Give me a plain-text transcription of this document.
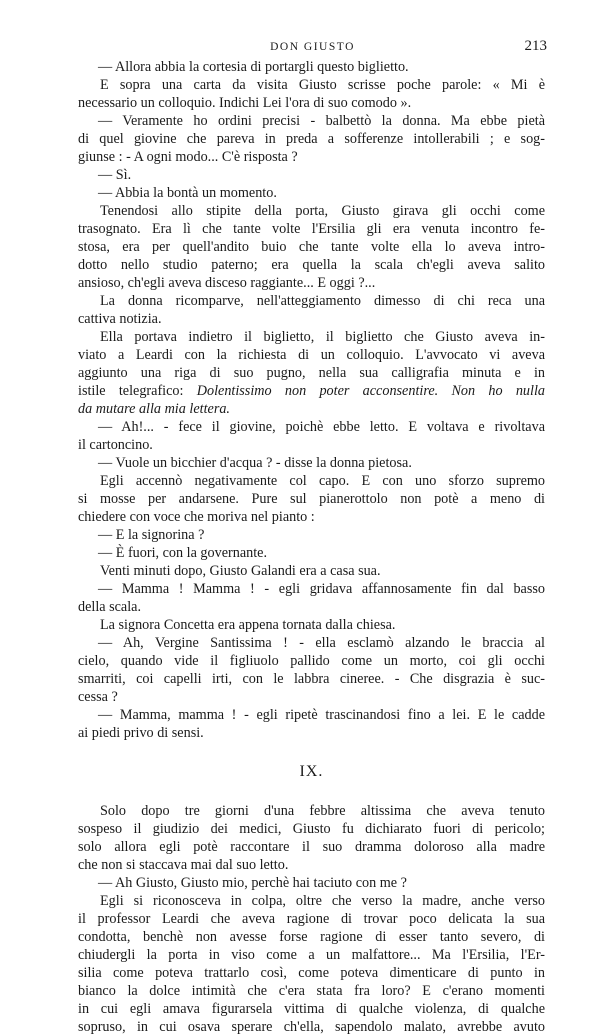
DON GIUSTO	213
— Allora abbia la cortesia di portargli questo biglietto.
E sopra una carta da visita Giusto scrisse poche parole: « Mi è
necessario un colloquio. Indichi Lei l'ora di suo comodo ».
— Veramente ho ordini precisi - balbettò la donna. Ma ebbe pietà
di quel giovine che pareva in preda a sofferenze intollerabili ; e sog-
giunse : - A ogni modo... C'è risposta ?
— Sì.
— Abbia la bontà un momento.
Tenendosi allo stipite della porta, Giusto girava gli occhi come
trasognato. Era lì che tante volte l'Ersilia gli era venuta incontro fe-
stosa, era per quell'andito buio che tante volte ella lo aveva intro-
dotto nello studio paterno; era quella la scala ch'egli aveva salito
ansioso, ch'egli aveva disceso raggiante... E oggi ?...
La donna ricomparve, nell'atteggiamento dimesso di chi reca una
cattiva notizia.
Ella portava indietro il biglietto, il biglietto che Giusto aveva in-
viato a Leardi con la richiesta di un colloquio. L'avvocato vi aveva
aggiunto una riga di suo pugno, nella sua calligrafia minuta e in
istile telegrafico: Dolentissimo non poter acconsentire. Non ho nulla
da mutare alla mia lettera.
— Ah!... - fece il giovine, poichè ebbe letto. E voltava e rivoltava
il cartoncino.
— Vuole un bicchier d'acqua ? - disse la donna pietosa.
Egli accennò negativamente col capo. E con uno sforzo supremo
si mosse per andarsene. Pure sul pianerottolo non potè a meno di
chiedere con voce che moriva nel pianto :
— E la signorina ?
— È fuori, con la governante.
Venti minuti dopo, Giusto Galandi era a casa sua.
— Mamma ! Mamma ! - egli gridava affannosamente fin dal basso
della scala.
La signora Concetta era appena tornata dalla chiesa.
— Ah, Vergine Santissima ! - ella esclamò alzando le braccia al
cielo, quando vide il figliuolo pallido come un morto, coi gli occhi
smarriti, coi capelli irti, con le labbra cineree. - Che disgrazia è suc-
cessa ?
— Mamma, mamma ! - egli ripetè trascinandosi fino a lei. E le cadde
ai piedi privo di sensi.
IX.
Solo dopo tre giorni d'una febbre altissima che aveva tenuto
sospeso il giudizio dei medici, Giusto fu dichiarato fuori di pericolo;
solo allora egli potè raccontare il suo dramma doloroso alla madre
che non si staccava mai dal suo letto.
— Ah Giusto, Giusto mio, perchè hai taciuto con me ?
Egli si riconosceva in colpa, oltre che verso la madre, anche verso
il professor Leardi che aveva ragione di trovar poco delicata la sua
condotta, benchè non avesse forse ragione di esser tanto severo, di
chiudergli la porta in viso come a un malfattore... Ma l'Ersilia, l'Er-
silia come poteva trattarlo così, come poteva dimenticare di punto in
bianco la dolce intimità che c'era stata fra loro? E c'erano momenti
in cui egli amava figurarsela vittima di qualche violenza, di qualche
sopruso, in cui osava sperare ch'ella, sapendolo malato, avrebbe avuto
